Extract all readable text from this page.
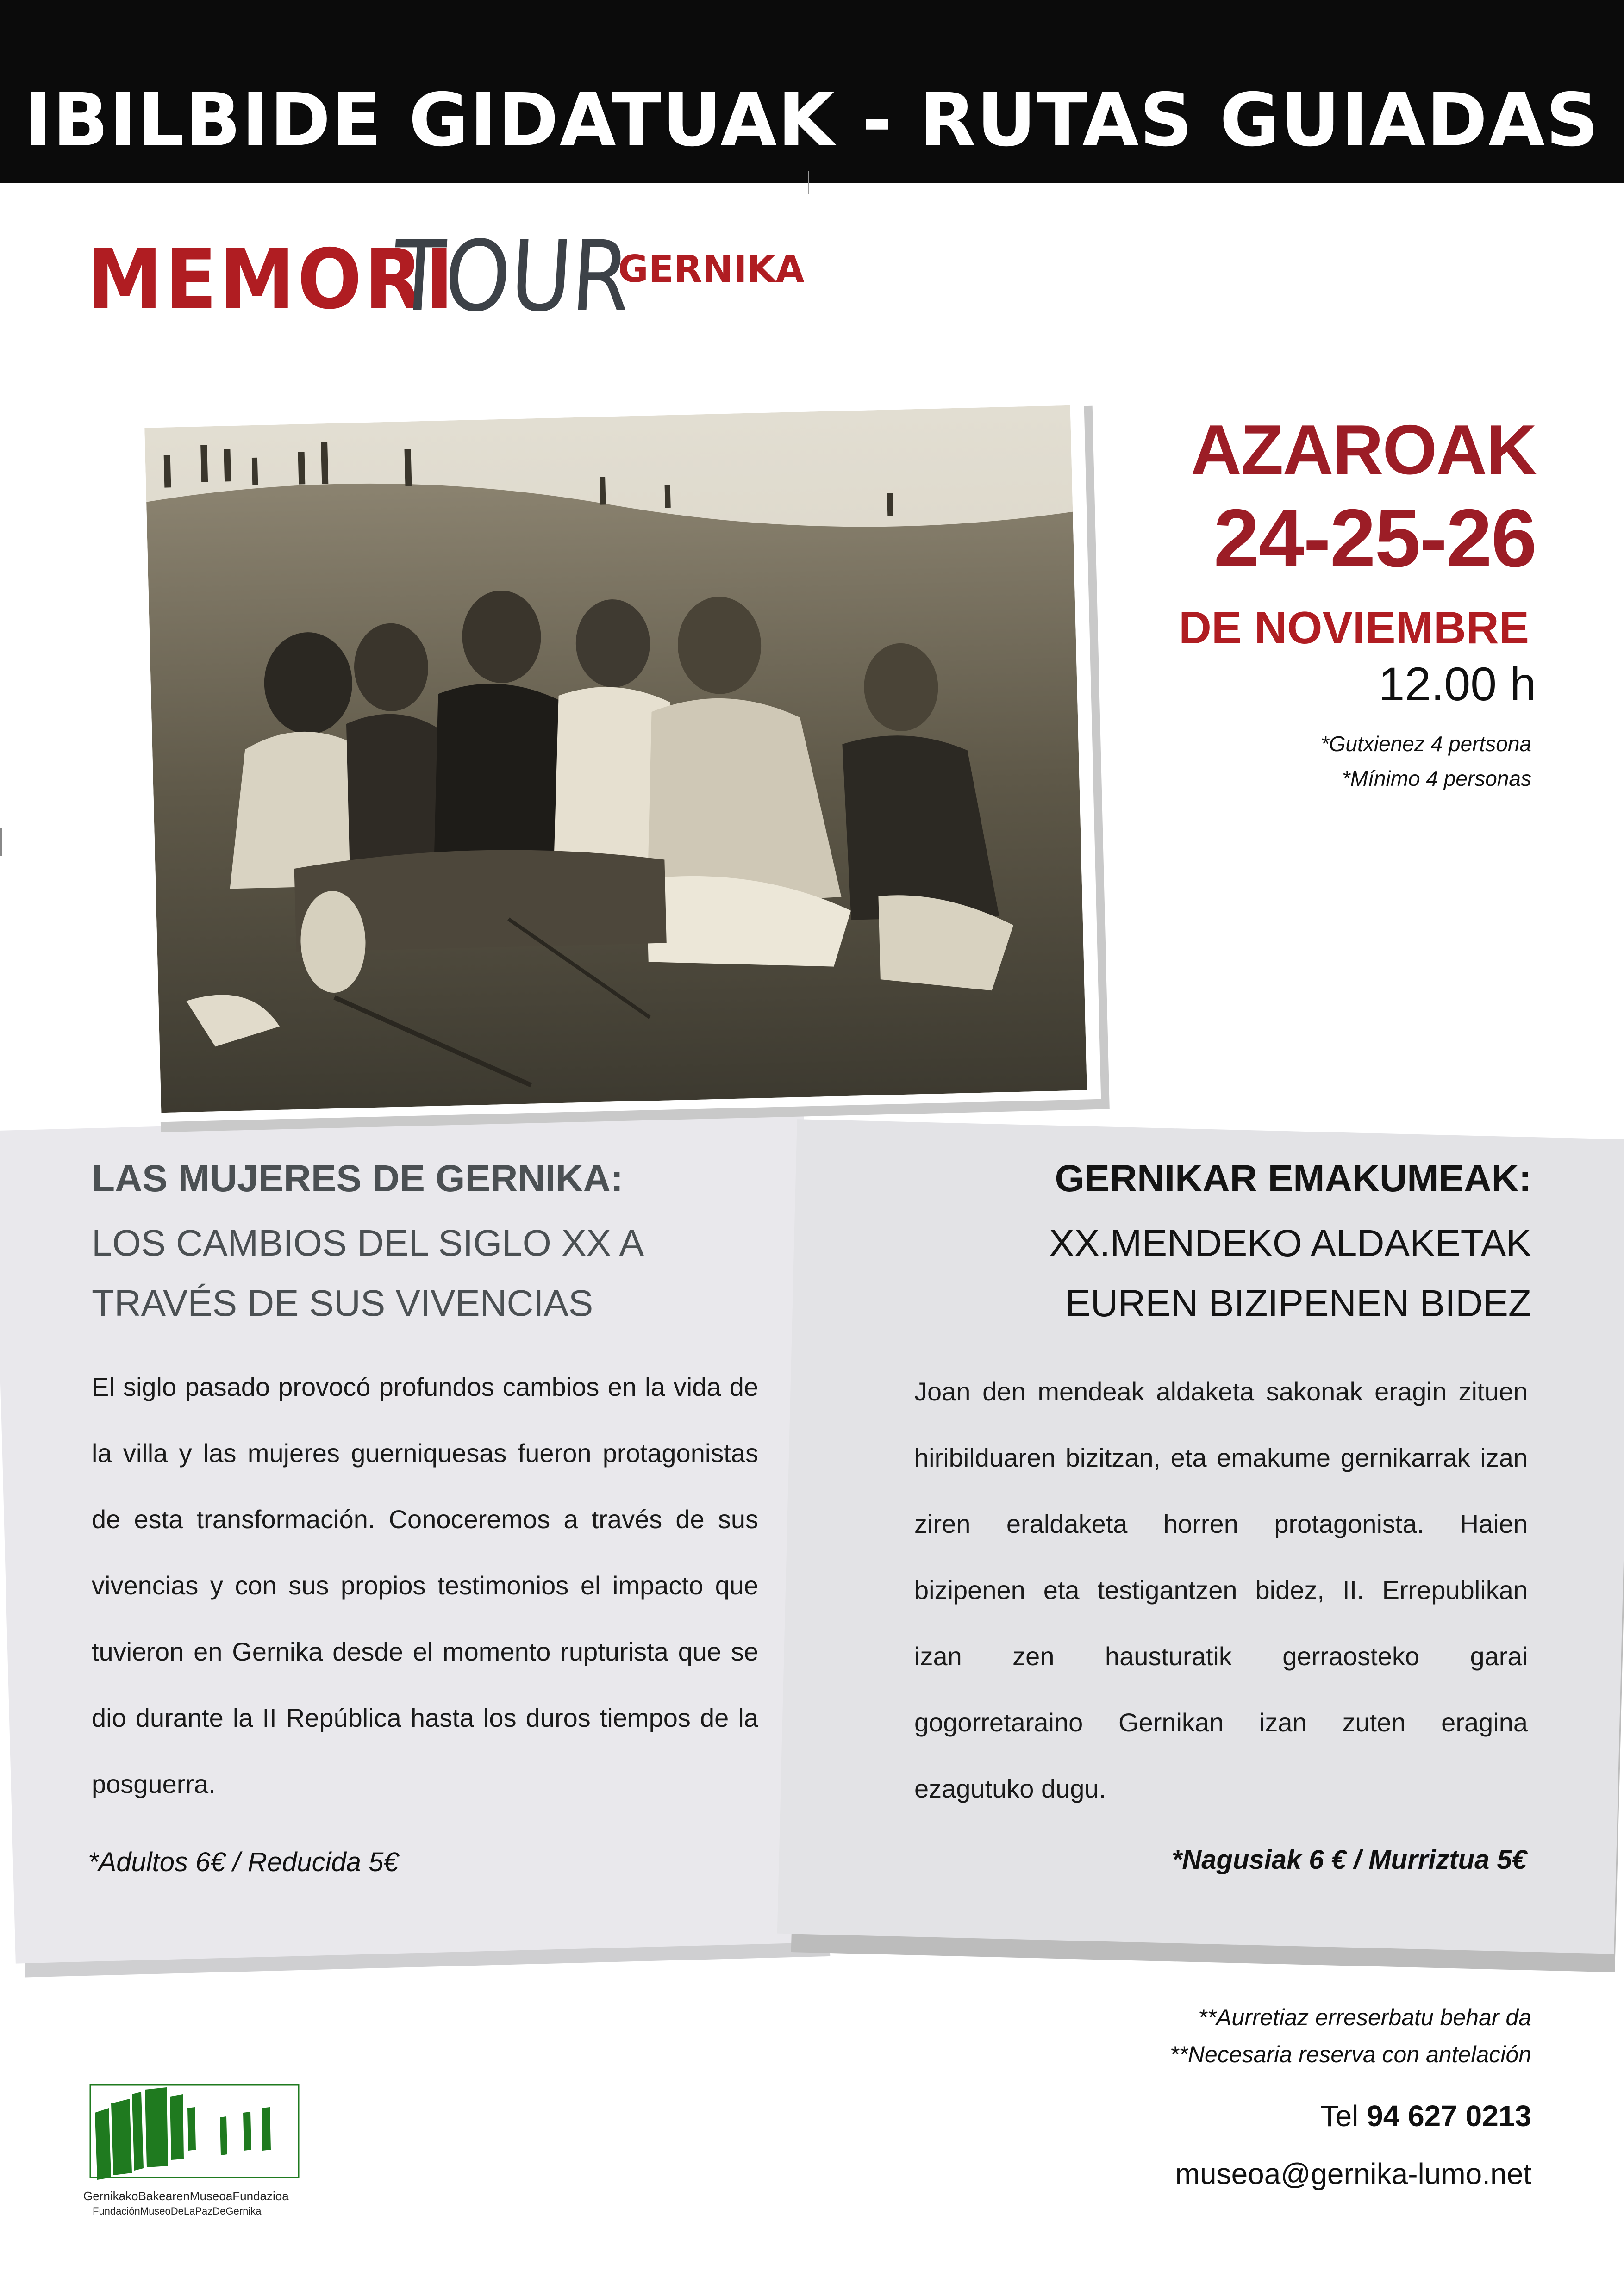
IBILBIDE GIDATUAK - RUTAS GUIADAS
MEMORI
TOUR
GERNIKA
AZAROAK
24-25-26
DE NOVIEMBRE
12.00 h
*Gutxienez 4 pertsona
*Mínimo 4 personas
LAS MUJERES DE GERNIKA:
LOS CAMBIOS DEL SIGLO XX A
TRAVÉS DE SUS VIVENCIAS
El siglo pasado provocó profundos cambios en la vida de la villa y las mujeres guerniquesas fueron protagonistas de esta transformación. Conoceremos a través de sus vivencias y con sus propios testimonios el impacto que tuvieron en Gernika desde el momento rupturista que se dio durante la II República hasta los duros tiempos de la posguerra.
*Adultos 6€ / Reducida 5€
GERNIKAR EMAKUMEAK:
XX.MENDEKO ALDAKETAK
EUREN BIZIPENEN BIDEZ
Joan den mendeak aldaketa sakonak eragin zituen hiribilduaren bizitzan, eta emakume gernikarrak izan ziren eraldaketa horren protagonista. Haien bizipenen eta testigantzen bidez, II. Errepublikan izan zen hausturatik gerraosteko garai gogorretaraino Gernikan izan zuten eragina ezagutuko dugu.
*Nagusiak 6 € / Murriztua 5€
**Aurretiaz erreserbatu behar da
**Necesaria reserva con antelación
Tel 94 627 0213
museoa@gernika-lumo.net
GernikakoBakearenMuseoaFundazioa
FundaciónMuseoDeLaPazDeGernika
